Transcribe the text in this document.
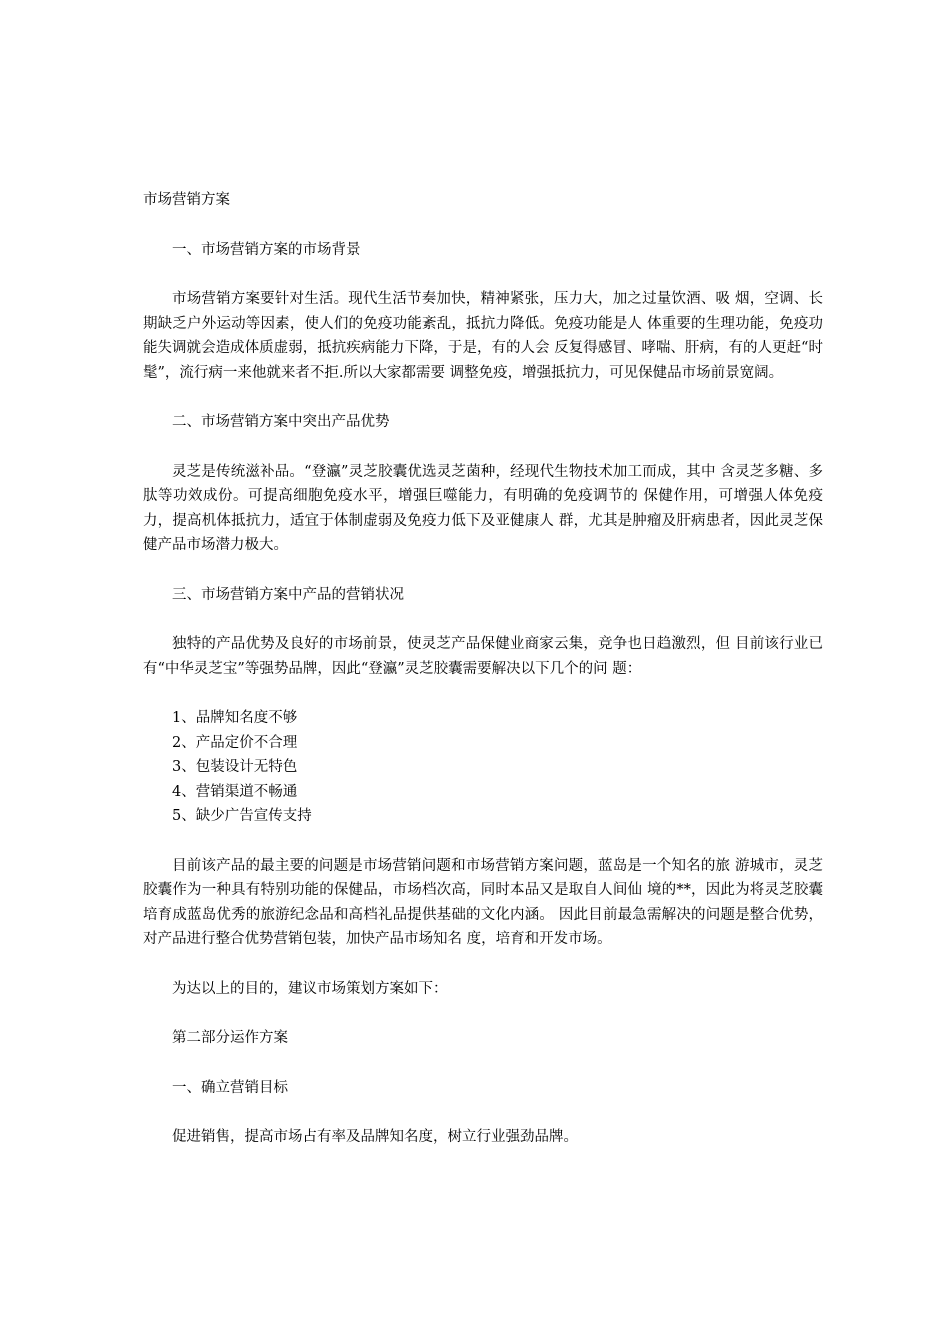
市场营销方案

一、市场营销方案的市场背景

市场营销方案要针对生活。现代生活节奏加快，精神紧张，压力大，加之过量饮酒、吸 烟，空调、长期缺乏户外运动等因素，使人们的免疫功能紊乱，抵抗力降低。免疫功能是人 体重要的生理功能，免疫功能失调就会造成体质虚弱，抵抗疾病能力下降，于是，有的人会 反复得感冒、哮喘、肝病，有的人更赶“时髦”，流行病一来他就来者不拒.所以大家都需要 调整免疫，增强抵抗力，可见保健品市场前景宽阔。

二、市场营销方案中突出产品优势

灵芝是传统滋补品。“登瀛”灵芝胶囊优选灵芝菌种，经现代生物技术加工而成，其中 含灵芝多糖、多肽等功效成份。可提高细胞免疫水平，增强巨噬能力，有明确的免疫调节的 保健作用，可增强人体免疫力，提高机体抵抗力，适宜于体制虚弱及免疫力低下及亚健康人 群，尤其是肿瘤及肝病患者，因此灵芝保健产品市场潜力极大。

三、市场营销方案中产品的营销状况

独特的产品优势及良好的市场前景，使灵芝产品保健业商家云集，竞争也日趋激烈，但 目前该行业已有“中华灵芝宝”等强势品牌，因此“登瀛”灵芝胶囊需要解决以下几个的问 题：

1、品牌知名度不够
2、产品定价不合理
3、包装设计无特色
4、营销渠道不畅通
5、缺少广告宣传支持

目前该产品的最主要的问题是市场营销问题和市场营销方案问题，蓝岛是一个知名的旅 游城市，灵芝胶囊作为一种具有特别功能的保健品，市场档次高，同时本品又是取自人间仙 境的**，因此为将灵芝胶囊培育成蓝岛优秀的旅游纪念品和高档礼品提供基础的文化内涵。 因此目前最急需解决的问题是整合优势，对产品进行整合优势营销包装，加快产品市场知名 度，培育和开发市场。

为达以上的目的，建议市场策划方案如下：

第二部分运作方案

一、确立营销目标

促进销售，提高市场占有率及品牌知名度，树立行业强劲品牌。
